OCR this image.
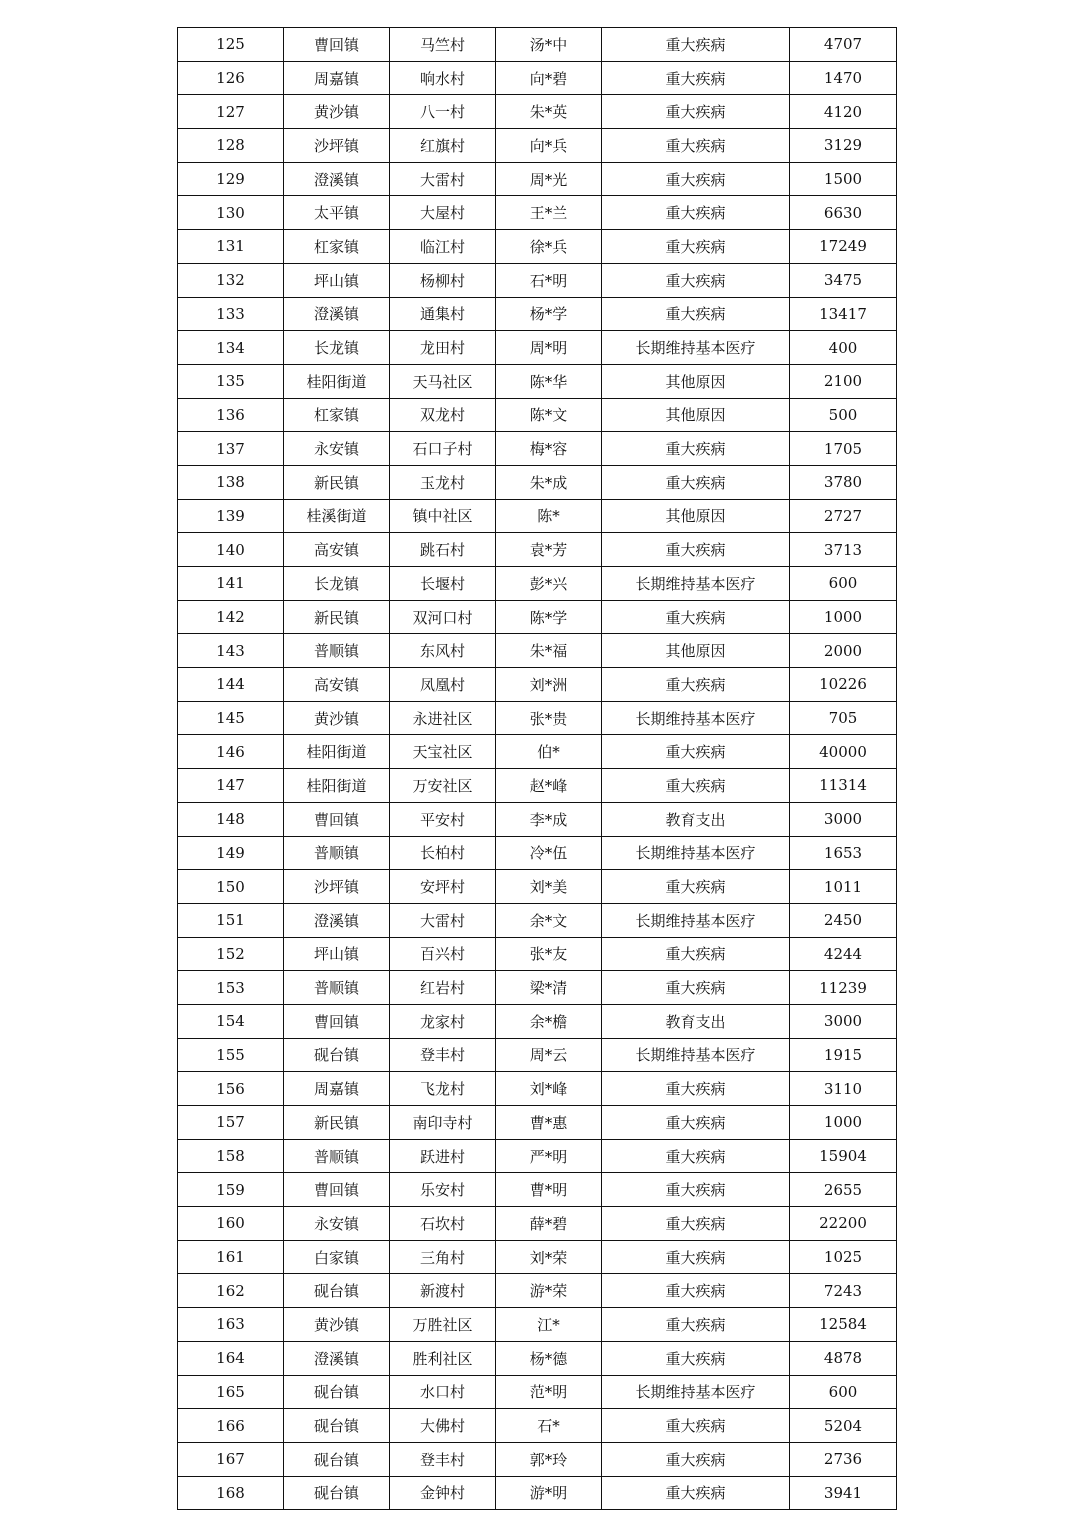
125	曹回镇	马竺村	汤*中	重大疾病	4707
126	周嘉镇	响水村	向*碧	重大疾病	1470
127	黄沙镇	八一村	朱*英	重大疾病	4120
128	沙坪镇	红旗村	向*兵	重大疾病	3129
129	澄溪镇	大雷村	周*光	重大疾病	1500
130	太平镇	大屋村	王*兰	重大疾病	6630
131	杠家镇	临江村	徐*兵	重大疾病	17249
132	坪山镇	杨柳村	石*明	重大疾病	3475
133	澄溪镇	通集村	杨*学	重大疾病	13417
134	长龙镇	龙田村	周*明	长期维持基本医疗	400
135	桂阳街道	天马社区	陈*华	其他原因	2100
136	杠家镇	双龙村	陈*文	其他原因	500
137	永安镇	石口子村	梅*容	重大疾病	1705
138	新民镇	玉龙村	朱*成	重大疾病	3780
139	桂溪街道	镇中社区	陈*	其他原因	2727
140	高安镇	跳石村	袁*芳	重大疾病	3713
141	长龙镇	长堰村	彭*兴	长期维持基本医疗	600
142	新民镇	双河口村	陈*学	重大疾病	1000
143	普顺镇	东风村	朱*福	其他原因	2000
144	高安镇	凤凰村	刘*洲	重大疾病	10226
145	黄沙镇	永进社区	张*贵	长期维持基本医疗	705
146	桂阳街道	天宝社区	伯*	重大疾病	40000
147	桂阳街道	万安社区	赵*峰	重大疾病	11314
148	曹回镇	平安村	李*成	教育支出	3000
149	普顺镇	长柏村	冷*伍	长期维持基本医疗	1653
150	沙坪镇	安坪村	刘*美	重大疾病	1011
151	澄溪镇	大雷村	余*文	长期维持基本医疗	2450
152	坪山镇	百兴村	张*友	重大疾病	4244
153	普顺镇	红岩村	梁*清	重大疾病	11239
154	曹回镇	龙家村	余*檐	教育支出	3000
155	砚台镇	登丰村	周*云	长期维持基本医疗	1915
156	周嘉镇	飞龙村	刘*峰	重大疾病	3110
157	新民镇	南印寺村	曹*惠	重大疾病	1000
158	普顺镇	跃进村	严*明	重大疾病	15904
159	曹回镇	乐安村	曹*明	重大疾病	2655
160	永安镇	石坎村	薛*碧	重大疾病	22200
161	白家镇	三角村	刘*荣	重大疾病	1025
162	砚台镇	新渡村	游*荣	重大疾病	7243
163	黄沙镇	万胜社区	江*	重大疾病	12584
164	澄溪镇	胜利社区	杨*德	重大疾病	4878
165	砚台镇	水口村	范*明	长期维持基本医疗	600
166	砚台镇	大佛村	石*	重大疾病	5204
167	砚台镇	登丰村	郭*玲	重大疾病	2736
168	砚台镇	金钟村	游*明	重大疾病	3941
